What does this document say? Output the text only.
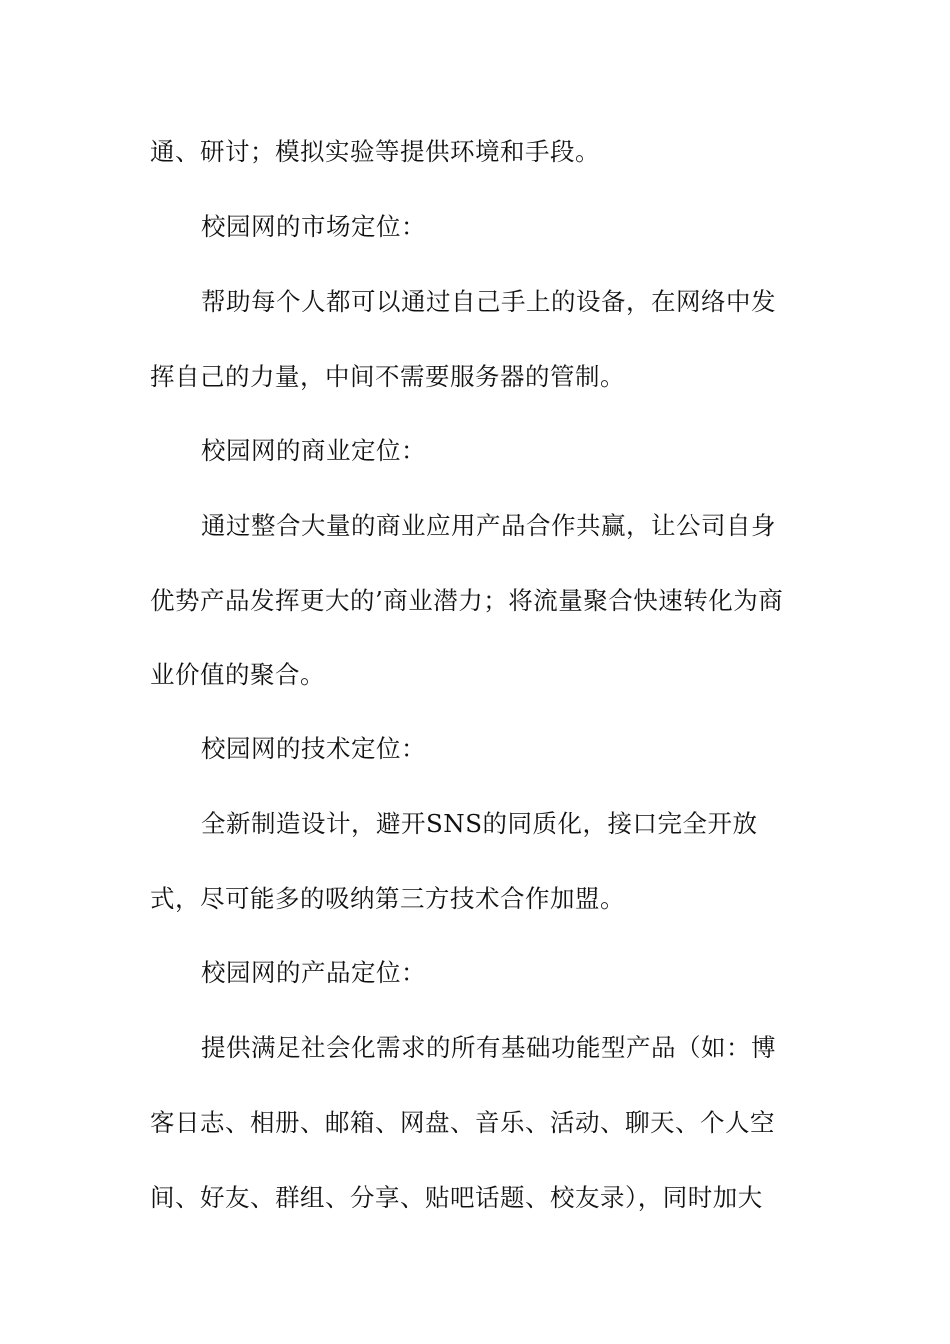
通、研讨；模拟实验等提供环境和手段。
校园网的市场定位：
帮助每个人都可以通过自己手上的设备，在网络中发
挥自己的力量，中间不需要服务器的管制。
校园网的商业定位：
通过整合大量的商业应用产品合作共赢，让公司自身
优势产品发挥更大的’商业潜力；将流量聚合快速转化为商
业价值的聚合。
校园网的技术定位：
全新制造设计，避开SNS的同质化，接口完全开放
式，尽可能多的吸纳第三方技术合作加盟。
校园网的产品定位：
提供满足社会化需求的所有基础功能型产品（如：博
客日志、相册、邮箱、网盘、音乐、活动、聊天、个人空
间、好友、群组、分享、贴吧话题、校友录），同时加大
